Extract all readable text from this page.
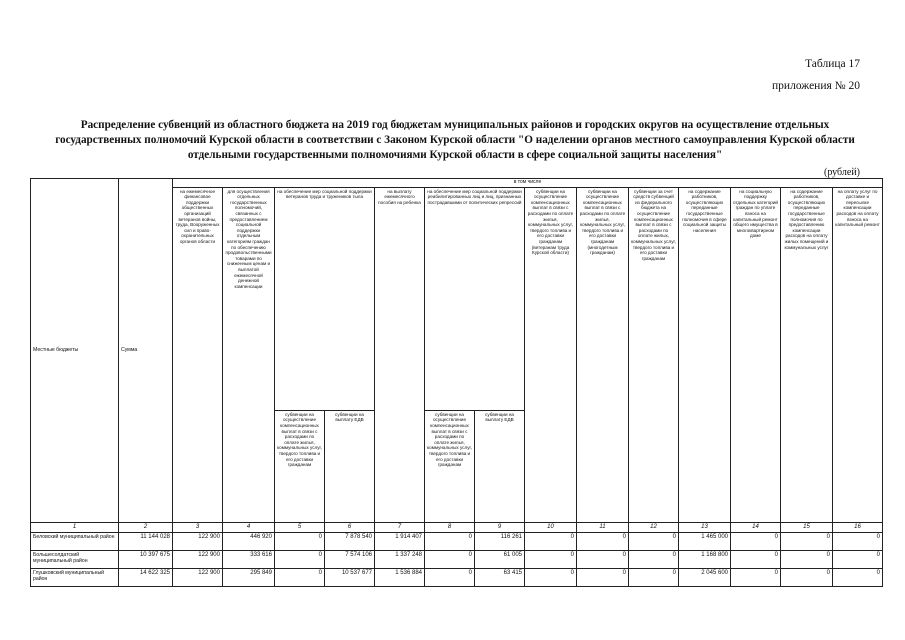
Таблица 17
приложения № 20
Распределение субвенций из областного бюджета на 2019 год бюджетам муниципальных районов и городских округов на осуществление отдельных государственных полномочий Курской области в соответствии с Законом Курской области "О наделении органов местного самоуправления Курской области отдельными государственными полномочиями Курской области в сфере социальной защиты населения"
(рублей)
Местные бюджеты	Сумма	в том числе													
		на ежемесячное финансовое поддержки общественных организаций ветеранов войны, труда, Вооруженных сил и право-охранительных органов области	для осуществления отдельных государственных полномочий, связанных с предоставлением социальной поддержки отдельным категориям граждан по обеспечению продовольственными товарами по сниженным ценам и выплатой ежемесячной денежной компенсации	на обеспечение мер социальной поддержки ветеранов труда и тружеников тыла		на выплату ежемесячного пособия на ребенка	на обеспечение мер социальной поддержки реабилитированных лиц и лиц, признанных пострадавшими от политических репрессий		субвенции на осуществление компенсационных выплат в связи с расходами по оплате жилья, коммунальных услуг, твердого топлива и его доставки гражданам (ветеранам труда Курской области)	субвенции на осуществление компенсационных выплат в связи с расходами по оплате жилья, коммунальных услуг, твердого топлива и его доставки гражданам (многодетным гражданам)	субвенции за счет средств субвенций из федерального бюджета на осуществление компенсационных выплат в связи с расходами по оплате жилых, коммунальных услуг, твердого топлива и его доставки гражданам	на содержание работников, осуществляющих переданные государственные полномочия в сфере социальной защиты населения	на социальную поддержку отдельных категорий граждан по уплате взноса на капитальный ремонт общего имущества в многоквартирном доме	на содержание работников, осуществляющих переданные государственные полномочия по предоставлению компенсации расходов на оплату жилых помещений и коммунальных услуг	на оплату услуг по доставке и пересылке компенсации расходов на оплату взноса на капитальный ремонт

				субвенции на осуществление компенсационных выплат в связи с расходами по оплате жилья, коммунальных услуг, твердого топлива и его доставки гражданам	субвенции на выплату ЕДВ		субвенции на осуществление компенсационных выплат в связи с расходами по оплате жилья, коммунальных услуг, твердого топлива и его доставки гражданам	субвенции на выплату ЕДВ							
1	2	3	4	5	6	7	8	9	10	11	12	13	14	15	16
Беловский муниципальный район	11 144 028	122 900	446 920	0	7 878 540	1 914 407	0	116 261	0	0	0	1 465 000	0	0	0
Большесолдатский муниципальный район	10 397 675	122 900	333 616	0	7 574 106	1 337 248	0	61 005	0	0	0	1 168 800	0	0	0
Глушковский муниципальный район	14 622 325	122 900	295 849	0	10 537 677	1 536 884	0	63 415	0	0	0	2 045 600	0	0	0
